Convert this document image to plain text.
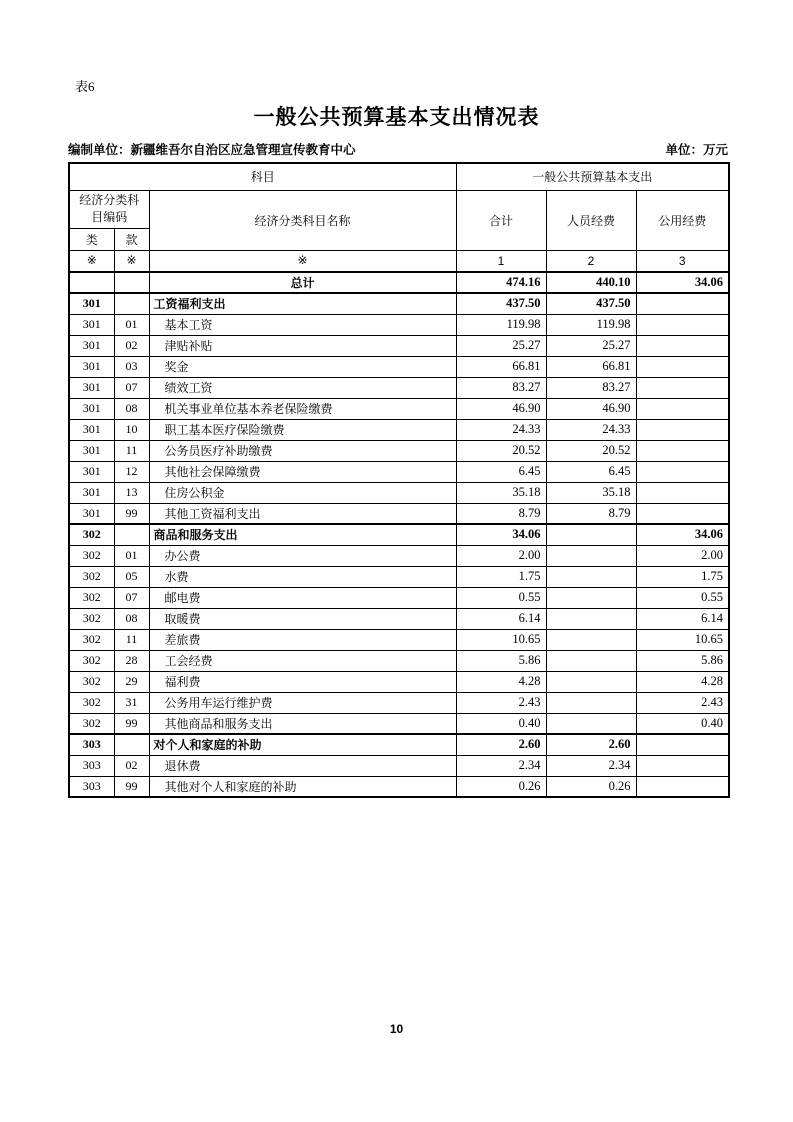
表6
一般公共预算基本支出情况表
编制单位：新疆维吾尔自治区应急管理宣传教育中心	单位：万元
科目			一般公共预算基本支出		

经济分类科
目编码		经济分类科目名称	合计	人员经费	公用经费
类	款				
※	※	※	1	2	3
		总计	474.16	440.10	34.06
301		工资福利支出	437.50	437.50	
301	01	基本工资	119.98	119.98	
301	02	津贴补贴	25.27	25.27	
301	03	奖金	66.81	66.81	
301	07	绩效工资	83.27	83.27	
301	08	机关事业单位基本养老保险缴费	46.90	46.90	
301	10	职工基本医疗保险缴费	24.33	24.33	
301	11	公务员医疗补助缴费	20.52	20.52	
301	12	其他社会保障缴费	6.45	6.45	
301	13	住房公积金	35.18	35.18	
301	99	其他工资福利支出	8.79	8.79	
302		商品和服务支出	34.06		34.06
302	01	办公费	2.00		2.00
302	05	水费	1.75		1.75
302	07	邮电费	0.55		0.55
302	08	取暖费	6.14		6.14
302	11	差旅费	10.65		10.65
302	28	工会经费	5.86		5.86
302	29	福利费	4.28		4.28
302	31	公务用车运行维护费	2.43		2.43
302	99	其他商品和服务支出	0.40		0.40
303		对个人和家庭的补助	2.60	2.60	
303	02	退休费	2.34	2.34	
303	99	其他对个人和家庭的补助	0.26	0.26	
10
